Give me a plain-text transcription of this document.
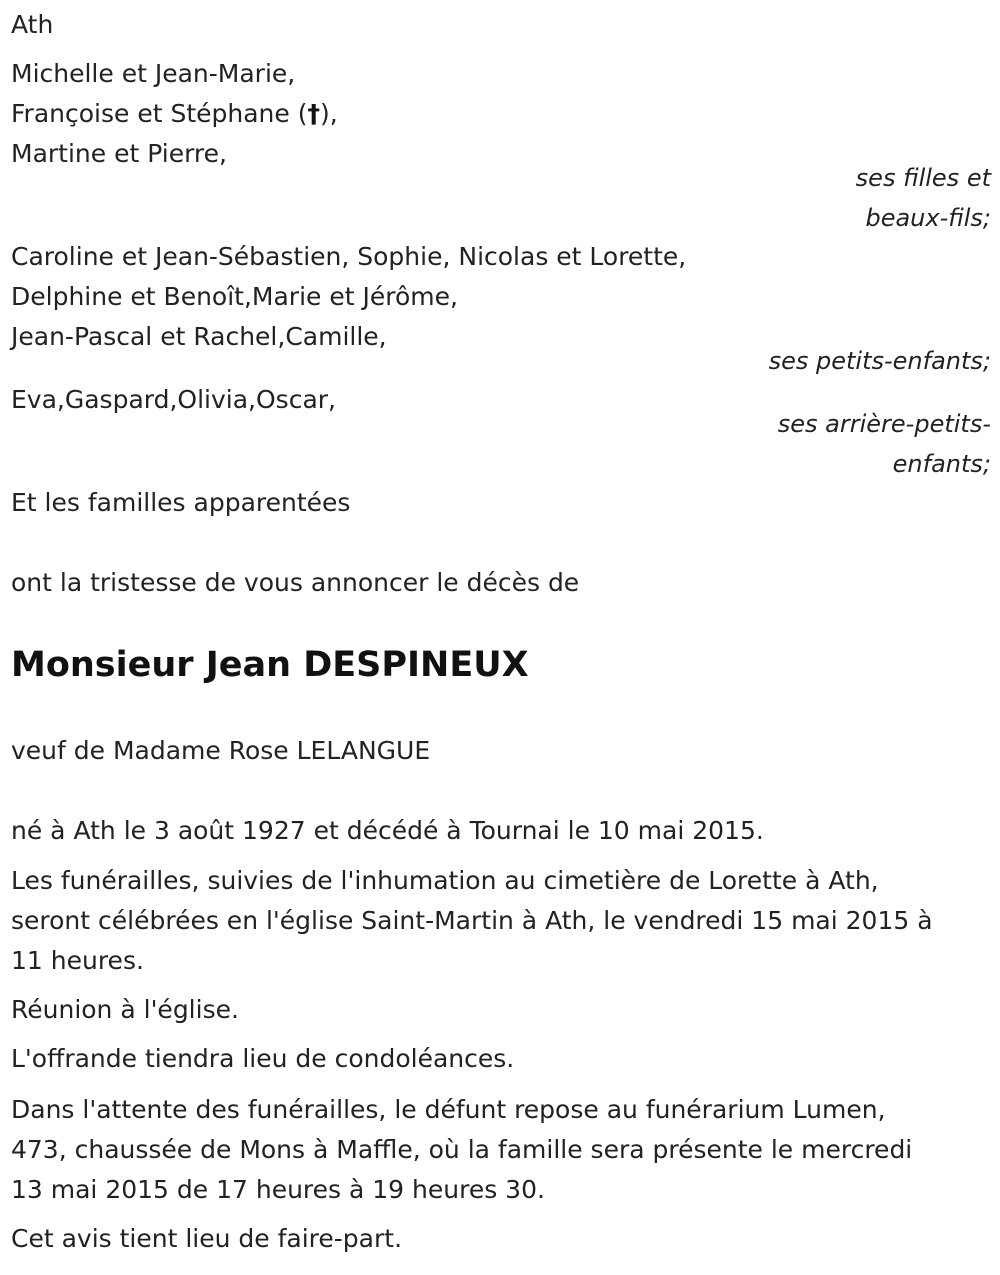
Ath

Michelle et Jean-Marie,

Françoise et Stéphane (†),

Martine et Pierre,

ses filles et

beaux-fils;

Caroline et Jean-Sébastien, Sophie, Nicolas et Lorette,

Delphine et Benoît,Marie et Jérôme,

Jean-Pascal et Rachel,Camille,

ses petits-enfants;

Eva,Gaspard,Olivia,Oscar,

ses arrière-petits-

enfants;

Et les familles apparentées

ont la tristesse de vous annoncer le décès de

Monsieur Jean DESPINEUX

veuf de Madame Rose LELANGUE

né à Ath le 3 août 1927 et décédé à Tournai le 10 mai 2015.

Les funérailles, suivies de l'inhumation au cimetière de Lorette à Ath,

seront célébrées en l'église Saint-Martin à Ath, le vendredi 15 mai 2015 à

11 heures.

Réunion à l'église.

L'offrande tiendra lieu de condoléances.

Dans l'attente des funérailles, le défunt repose au funérarium Lumen,

473, chaussée de Mons à Maffle, où la famille sera présente le mercredi

13 mai 2015 de 17 heures à 19 heures 30.

Cet avis tient lieu de faire-part.
